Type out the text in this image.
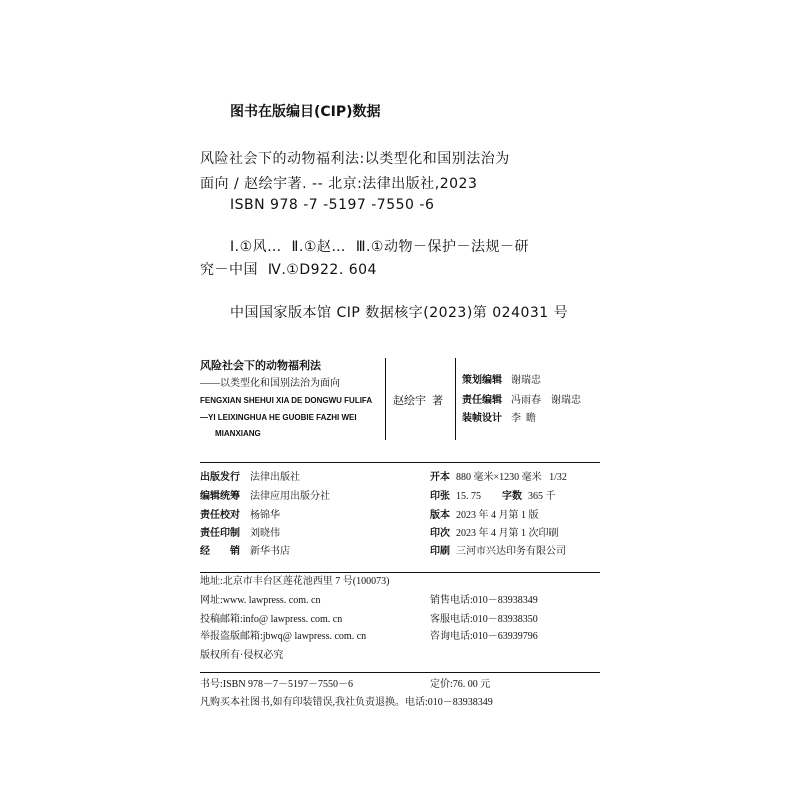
图书在版编目(CIP)数据
风险社会下的动物福利法:以类型化和国别法治为
面向 / 赵绘宇著. -- 北京:法律出版社,2023
ISBN 978 -7 -5197 -7550 -6
Ⅰ.①风…  Ⅱ.①赵…  Ⅲ.①动物－保护－法规－研
究－中国  Ⅳ.①D922. 604
中国国家版本馆 CIP 数据核字(2023)第 024031 号
风险社会下的动物福利法
——以类型化和国别法治为面向
FENGXIAN SHEHUI XIA DE DONGWU FULIFA
—YI LEIXINGHUA HE GUOBIE FAZHI WEI
MIANXIANG
赵绘宇 著
策划编辑 谢瑞忠
责任编辑 冯雨春    谢瑞忠
装帧设计 李  瞻
出版发行 法律出版社
编辑统筹 法律应用出版分社
责任校对 杨锦华
责任印制 刘晓伟
经　　销 新华书店
开本 880 毫米×1230 毫米   1/32
印张 15. 75 字数 365 千
版本 2023 年 4 月第 1 版
印次 2023 年 4 月第 1 次印刷
印刷 三河市兴达印务有限公司
地址:北京市丰台区莲花池西里 7 号(100073)
网址:www. lawpress. com. cn
投稿邮箱:info@ lawpress. com. cn
举报盗版邮箱:jbwq@ lawpress. com. cn
版权所有·侵权必究
销售电话:010－83938349
客服电话:010－83938350
咨询电话:010－63939796
书号:ISBN 978－7－5197－7550－6	定价:76. 00 元
凡购买本社图书,如有印装错误,我社负责退换。电话:010－83938349
